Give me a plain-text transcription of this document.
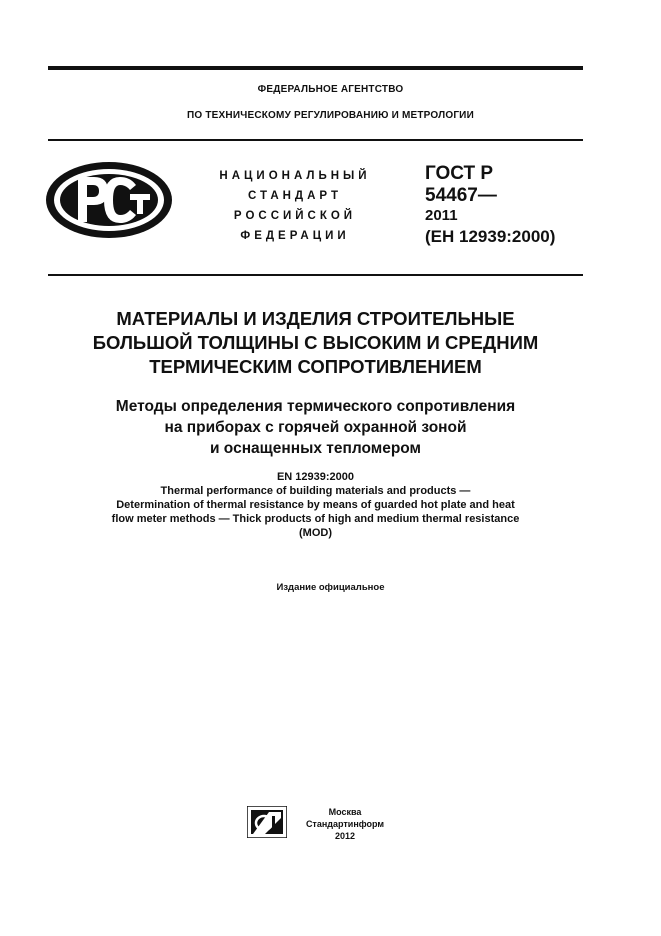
ФЕДЕРАЛЬНОЕ АГЕНТСТВО
ПО ТЕХНИЧЕСКОМУ РЕГУЛИРОВАНИЮ И МЕТРОЛОГИИ
НАЦИОНАЛЬНЫЙ
СТАНДАРТ
РОССИЙСКОЙ
ФЕДЕРАЦИИ
ГОСТ Р
54467—
2011
(ЕН 12939:2000)
МАТЕРИАЛЫ И ИЗДЕЛИЯ СТРОИТЕЛЬНЫЕ
БОЛЬШОЙ ТОЛЩИНЫ С ВЫСОКИМ И СРЕДНИМ
ТЕРМИЧЕСКИМ СОПРОТИВЛЕНИЕМ
Методы определения термического сопротивления
на приборах с горячей охранной зоной
и оснащенных тепломером
EN 12939:2000
Thermal performance of building materials and products —
Determination of thermal resistance by means of guarded hot plate and heat
flow meter methods — Thick products of high and medium thermal resistance
(MOD)
Издание официальное
Москва
Стандартинформ
2012
